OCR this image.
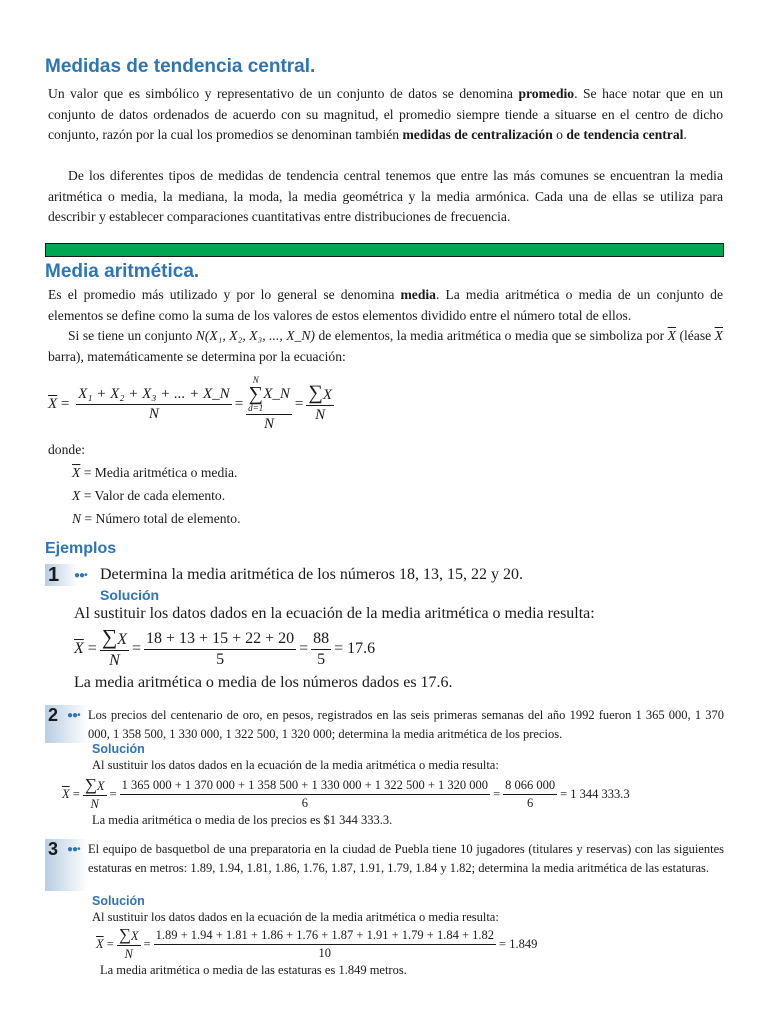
Medidas de tendencia central.
Un valor que es simbólico y representativo de un conjunto de datos se denomina promedio. Se hace notar que en un conjunto de datos ordenados de acuerdo con su magnitud, el promedio siempre tiende a situarse en el centro de dicho conjunto, razón por la cual los promedios se denominan también medidas de centralización o de tendencia central.
De los diferentes tipos de medidas de tendencia central tenemos que entre las más comunes se encuentran la media aritmética o media, la mediana, la moda, la media geométrica y la media armónica. Cada una de ellas se utiliza para describir y establecer comparaciones cuantitativas entre distribuciones de frecuencia.
Media aritmética.
Es el promedio más utilizado y por lo general se denomina media. La media aritmética o media de un conjunto de elementos se define como la suma de los valores de estos elementos dividido entre el número total de ellos.
Si se tiene un conjunto N(X₁, X₂, X₃, ..., X_N) de elementos, la media aritmética o media que se simboliza por $\overline{X}$ (léase $\overline{X}$ barra), matemáticamente se determina por la ecuación:
$\overline{X} = \frac{\text{X₁ + X₂ + X₃ + ... + X\_N}}{N} = N$
∑
d=1
X_N
$N = \frac{\sum X}{N}$
donde:
$\overline{X}$ = Media aritmética o media.
X = Valor de cada elemento.
N = Número total de elemento.
Ejemplos
1	●●• Determina la media aritmética de los números 18, 13, 15, 22 y 20.
Solución
Al sustituir los datos dados en la ecuación de la media aritmética o media resulta:
$\overline{X} = \frac{\sum X}{N} = \frac{18 + 13 + 15 + 22 + 20}{5} = \frac{88}{5} = 17.6$
La media aritmética o media de los números dados es 17.6.
2 ●●• Los precios del centenario de oro, en pesos, registrados en las seis primeras semanas del año 1992 fueron 1 365 000, 1 370 000, 1 358 500, 1 330 000, 1 322 500, 1 320 000; determina la media aritmética de los precios.
Solución
Al sustituir los datos dados en la ecuación de la media aritmética o media resulta:
$\overline{X} = \frac{\sum X}{N}$ =
1 365 000 + 1 370 000 + 1 358 500 + 1 330 000 + 1 322 500 + 1 320 000
6
= $\frac{8 066 000}{6} = 1$ 344 333.3
La media aritmética o media de los precios es $1 344 333.3.
3 ●●• El equipo de basquetbol de una preparatoria en la ciudad de Puebla tiene 10 jugadores (titulares y reservas) con las siguientes estaturas en metros: 1.89, 1.94, 1.81, 1.86, 1.76, 1.87, 1.91, 1.79, 1.84 y 1.82; determina la media aritmética de las estaturas.
Solución
Al sustituir los datos dados en la ecuación de la media aritmética o media resulta:
$\overline{X} = \frac{\sum X}{N}$ =
1.89 + 1.94 + 1.81 + 1.86 + 1.76 + 1.87 + 1.91 + 1.79 + 1.84 + 1.82
10
= 1.849
La media aritmética o media de las estaturas es 1.849 metros.
